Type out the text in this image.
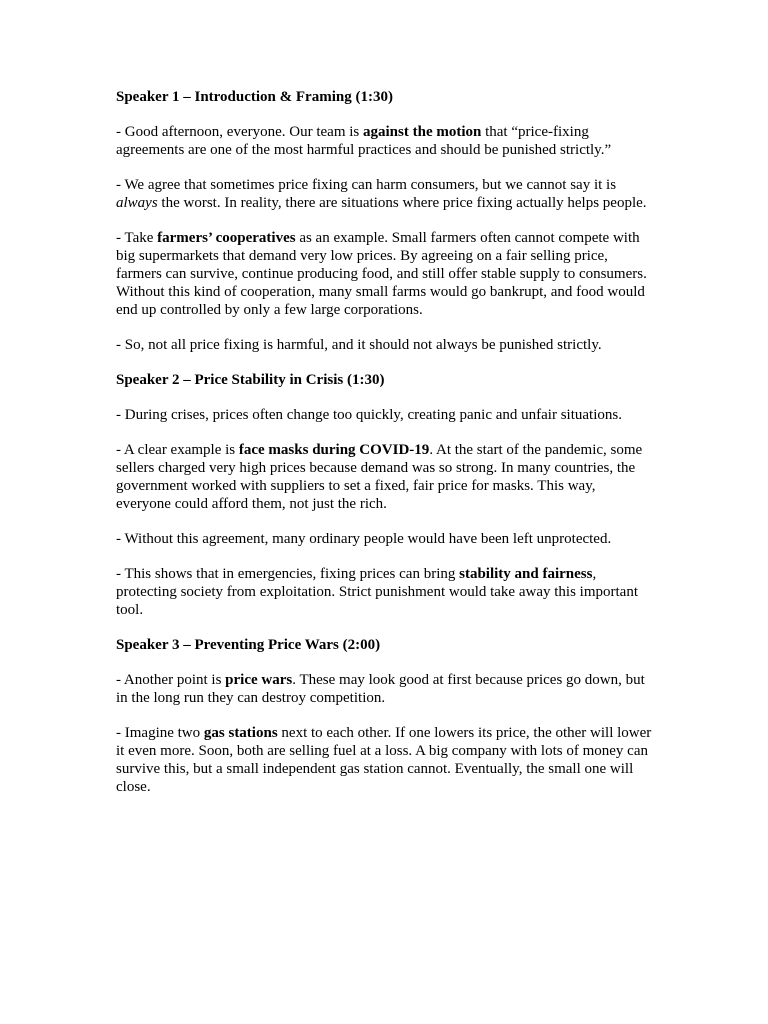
Speaker 1 – Introduction & Framing (1:30)
- Good afternoon, everyone. Our team is against the motion that “price-fixing agreements are one of the most harmful practices and should be punished strictly.”
- We agree that sometimes price fixing can harm consumers, but we cannot say it is always the worst. In reality, there are situations where price fixing actually helps people.
- Take farmers’ cooperatives as an example. Small farmers often cannot compete with big supermarkets that demand very low prices. By agreeing on a fair selling price, farmers can survive, continue producing food, and still offer stable supply to consumers. Without this kind of cooperation, many small farms would go bankrupt, and food would end up controlled by only a few large corporations.
- So, not all price fixing is harmful, and it should not always be punished strictly.
Speaker 2 – Price Stability in Crisis (1:30)
- During crises, prices often change too quickly, creating panic and unfair situations.
- A clear example is face masks during COVID-19. At the start of the pandemic, some sellers charged very high prices because demand was so strong. In many countries, the government worked with suppliers to set a fixed, fair price for masks. This way, everyone could afford them, not just the rich.
- Without this agreement, many ordinary people would have been left unprotected.
- This shows that in emergencies, fixing prices can bring stability and fairness, protecting society from exploitation. Strict punishment would take away this important tool.
Speaker 3 – Preventing Price Wars (2:00)
- Another point is price wars. These may look good at first because prices go down, but in the long run they can destroy competition.
- Imagine two gas stations next to each other. If one lowers its price, the other will lower it even more. Soon, both are selling fuel at a loss. A big company with lots of money can survive this, but a small independent gas station cannot. Eventually, the small one will close.
